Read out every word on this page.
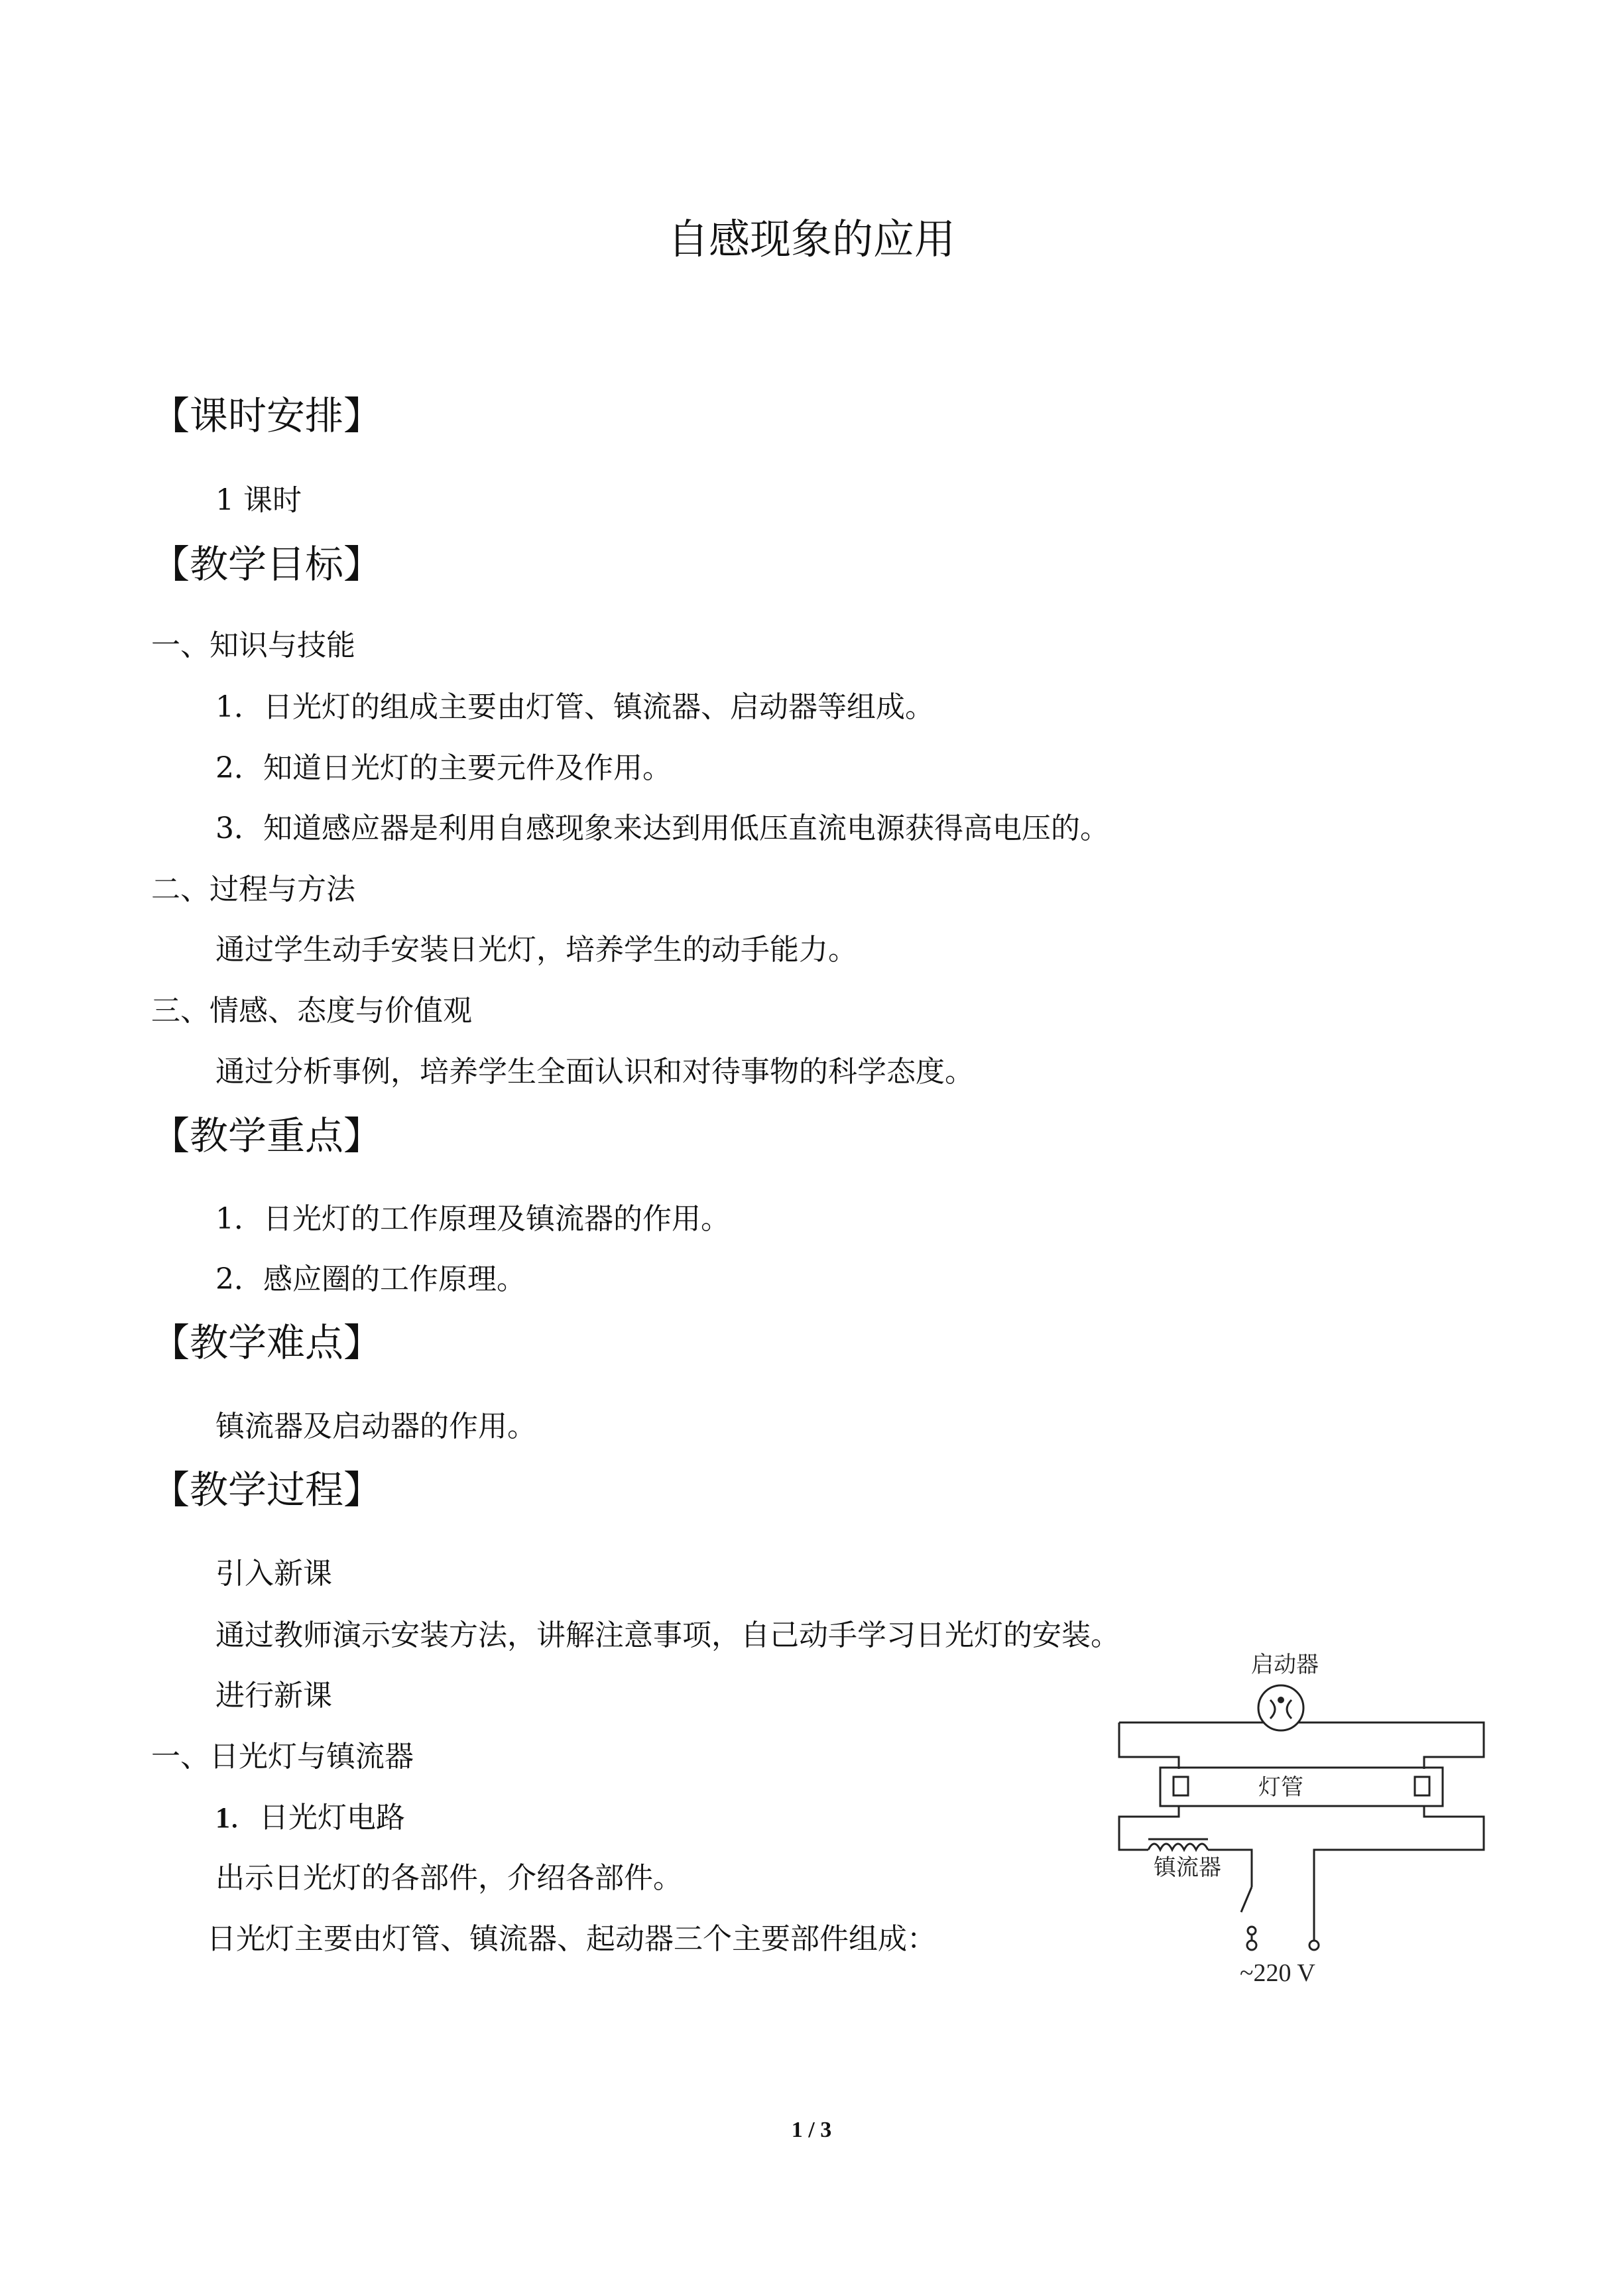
自感现象的应用
【课时安排】
1 课时
【教学目标】
一、知识与技能
1．日光灯的组成主要由灯管、镇流器、启动器等组成。
2．知道日光灯的主要元件及作用。
3．知道感应器是利用自感现象来达到用低压直流电源获得高电压的。
二、过程与方法
通过学生动手安装日光灯，培养学生的动手能力。
三、情感、态度与价值观
通过分析事例，培养学生全面认识和对待事物的科学态度。
【教学重点】
1．日光灯的工作原理及镇流器的作用。
2．感应圈的工作原理。
【教学难点】
镇流器及启动器的作用。
【教学过程】
引入新课
通过教师演示安装方法，讲解注意事项，自己动手学习日光灯的安装。
进行新课
一、日光灯与镇流器
1．日光灯电路
出示日光灯的各部件，介绍各部件。
日光灯主要由灯管、镇流器、起动器三个主要部件组成：
启动器
灯管
镇流器
~220 V
1 / 3
